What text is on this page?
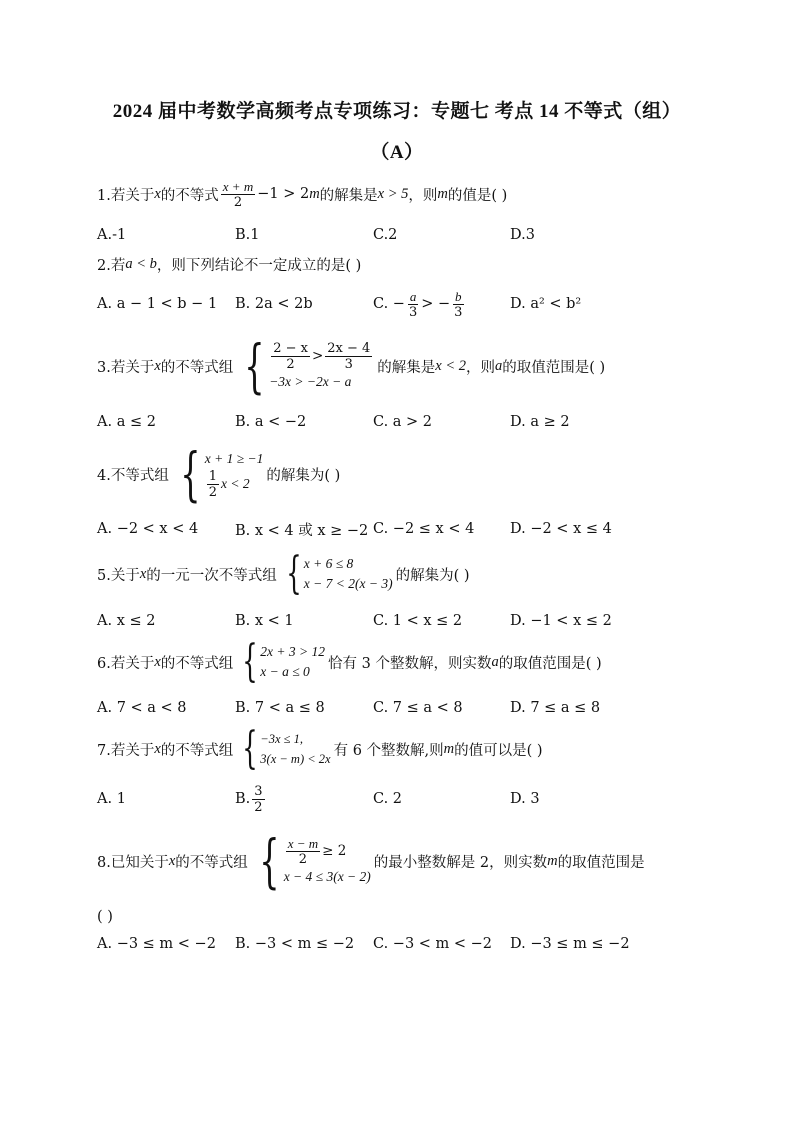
2024 届中考数学高频考点专项练习：专题七 考点 14 不等式（组）
（A）
1.若关于 x 的不等式 $\frac{x + m}{2} -1 > 2$ m 的解集是 x > 5 ，则 m 的值是( )
A.-1	B.1	C.2	D.3
2.若 a < b ，则下列结论不一定成立的是( )
A. a − 1 < b − 1 B. 2a < 2b	C. − $\frac{a}{3}$ > − $\frac{b}{3}$	D. a² < b²
3.若关于 x 的不等式组 { $\frac{2 - x}{2} > \frac{2x - 4}{3}$
−3x > −2x − a
的解集是 x < 2 ，则 a 的取值范围是( )
A. a ≤ 2	B. a < −2	C. a > 2	D. a ≥ 2
4.不等式组 { x + 1 ≥ −1
$\frac{1}{2}$ x < 2 的解集为( )
A. −2 < x < 4	B. x < 4 或 x ≥ −2 C. −2 ≤ x < 4 D. −2 < x ≤ 4
5.关于 x 的一元一次不等式组 { x + 6 ≤ 8
x − 7 < 2(x − 3) 的解集为( )
A. x ≤ 2	B. x < 1	C. 1 < x ≤ 2	D. −1 < x ≤ 2
6.若关于 x 的不等式组 { 2x + 3 > 12
x − a ≤ 0	恰有 3 个整数解，则实数 a 的取值范围是( )
A. 7 < a < 8	B. 7 < a ≤ 8	C. 7 ≤ a < 8	D. 7 ≤ a ≤ 8
7.若关于 x 的不等式组 { −3x ≤ 1,
3(x − m) < 2x
有 6 个整数解,则 m 的值可以是( )
A. 1	B. $\frac{3}{2}$	C. 2	D. 3
8.已知关于 x 的不等式组 { $\frac{x - m}{2} \ge 2$
x − 4 ≤ 3(x − 2)
的最小整数解是 2，则实数 m 的取值范围是
( )
A. −3 ≤ m < −2 B. −3 < m ≤ −2 C. −3 < m < −2 D. −3 ≤ m ≤ −2
